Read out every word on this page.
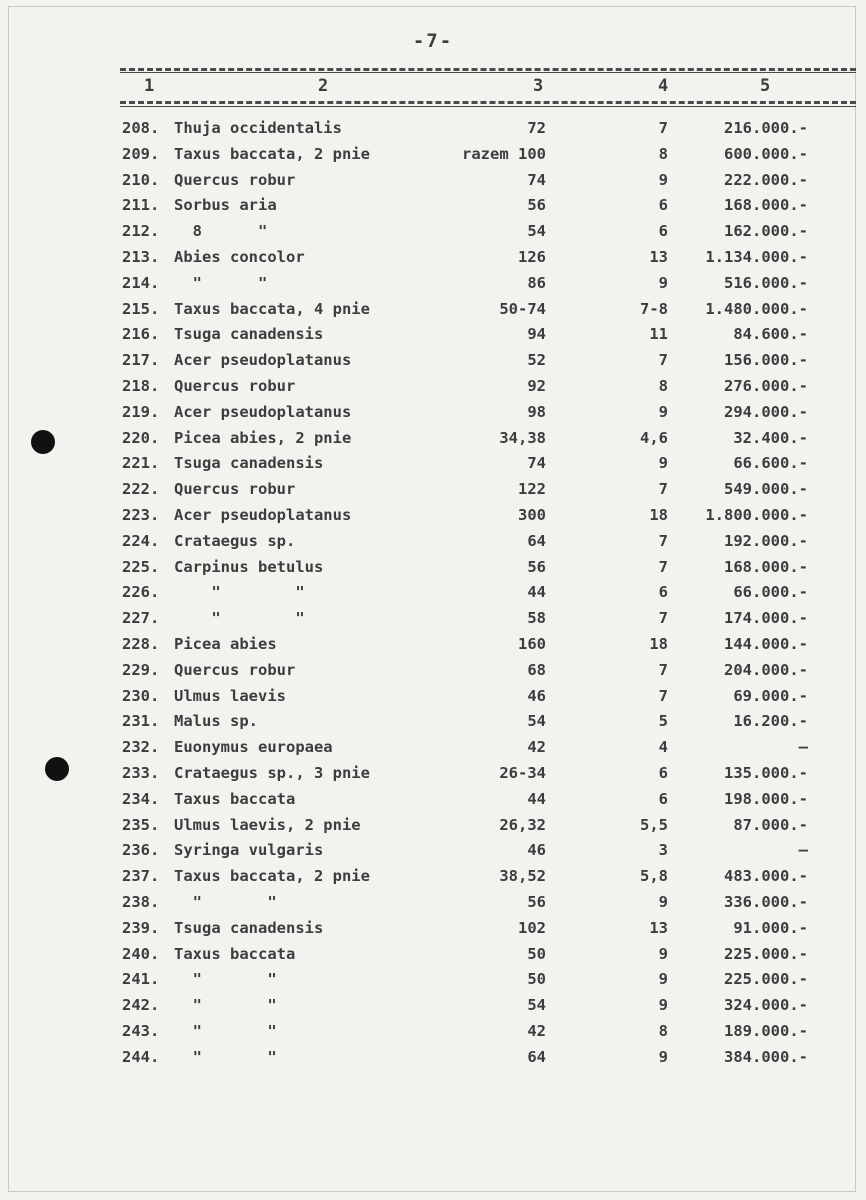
-7-
1	2	3	4	5
208. Thuja occidentalis	72	7	216.000.-
209. Taxus baccata, 2 pnie	razem 100	8	600.000.-
210. Quercus robur	74	9	222.000.-
211. Sorbus aria	56	6	168.000.-
212. 8      "	54	6	162.000.-
213. Abies concolor	126	13 1.134.000.-
214. "      "	86	9	516.000.-
215. Taxus baccata, 4 pnie	50-74	7-8 1.480.000.-
216. Tsuga canadensis	94	11	84.600.-
217. Acer pseudoplatanus	52	7	156.000.-
218. Quercus robur	92	8	276.000.-
219. Acer pseudoplatanus	98	9	294.000.-
220. Picea abies, 2 pnie	34,38	4,6	32.400.-
221. Tsuga canadensis	74	9	66.600.-
222. Quercus robur	122	7	549.000.-
223. Acer pseudoplatanus	300	18 1.800.000.-
224. Crataegus sp.	64	7	192.000.-
225. Carpinus betulus	56	7	168.000.-
226. "        "	44	6	66.000.-
227. "        "	58	7	174.000.-
228. Picea abies	160	18	144.000.-
229. Quercus robur	68	7	204.000.-
230. Ulmus laevis	46	7	69.000.-
231. Malus sp.	54	5	16.200.-
232. Euonymus europaea	42	4	—
233. Crataegus sp., 3 pnie	26-34	6	135.000.-
234. Taxus baccata	44	6	198.000.-
235. Ulmus laevis, 2 pnie	26,32	5,5	87.000.-
236. Syringa vulgaris	46	3	—
237. Taxus baccata, 2 pnie	38,52	5,8	483.000.-
238. "       "	56	9	336.000.-
239. Tsuga canadensis	102	13	91.000.-
240. Taxus baccata	50	9	225.000.-
241. "       "	50	9	225.000.-
242. "       "	54	9	324.000.-
243. "       "	42	8	189.000.-
244. "       "	64	9	384.000.-
